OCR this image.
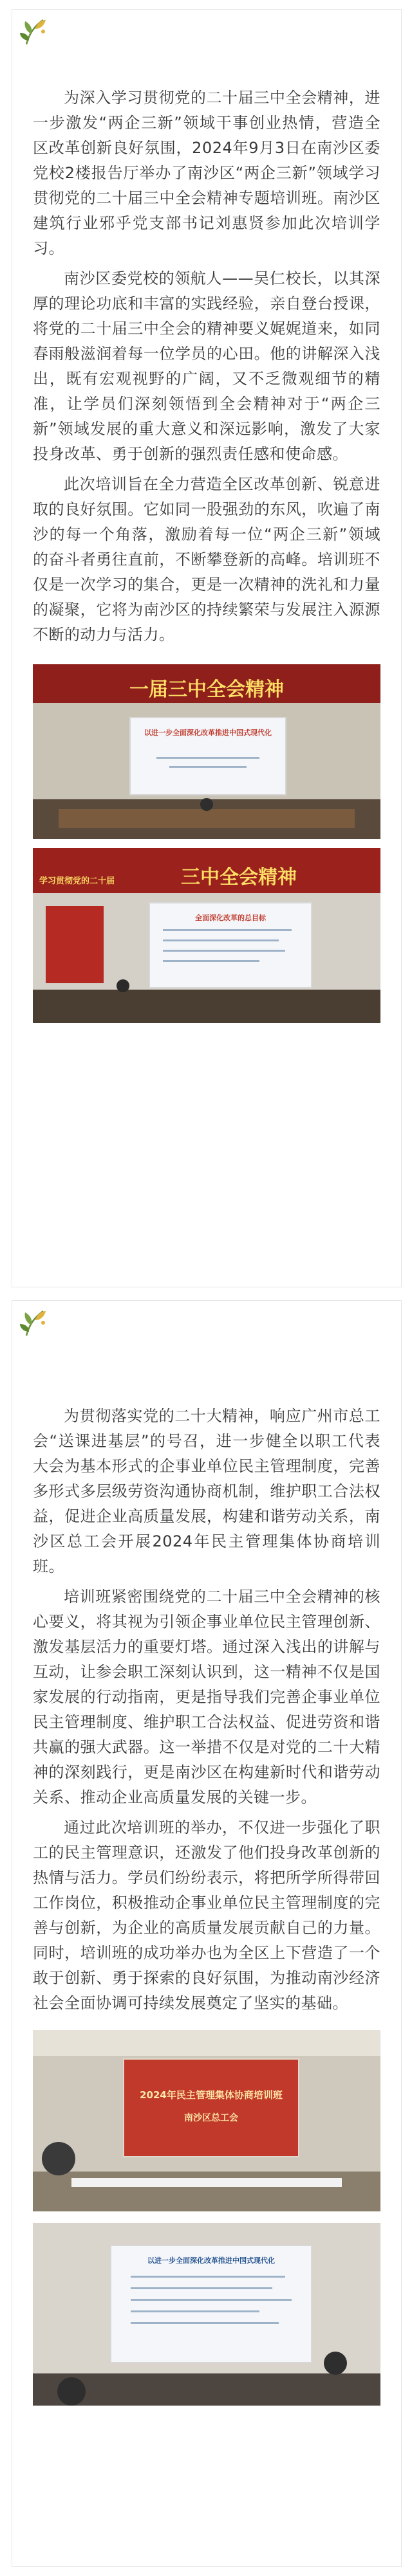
为深入学习贯彻党的二十届三中全会精神，进一步激发“两企三新”领域干事创业热情，营造全区改革创新良好氛围，2024年9月3日在南沙区委党校2楼报告厅举办了南沙区“两企三新”领域学习贯彻党的二十届三中全会精神专题培训班。南沙区建筑行业邪乎党支部书记刘惠贤参加此次培训学习。

南沙区委党校的领航人——吴仁校长，以其深厚的理论功底和丰富的实践经验，亲自登台授课，将党的二十届三中全会的精神要义娓娓道来，如同春雨般滋润着每一位学员的心田。他的讲解深入浅出，既有宏观视野的广阔，又不乏微观细节的精准，让学员们深刻领悟到全会精神对于“两企三新”领域发展的重大意义和深远影响，激发了大家投身改革、勇于创新的强烈责任感和使命感。

此次培训旨在全力营造全区改革创新、锐意进取的良好氛围。它如同一股强劲的东风，吹遍了南沙的每一个角落，激励着每一位“两企三新”领域的奋斗者勇往直前，不断攀登新的高峰。培训班不仅是一次学习的集合，更是一次精神的洗礼和力量的凝聚，它将为南沙区的持续繁荣与发展注入源源不断的动力与活力。

一届三中全会精神
以进一步全面深化改革推进中国式现代化
三中全会精神
学习贯彻党的二十届
全面深化改革的总目标

为贯彻落实党的二十大精神，响应广州市总工会“送课进基层”的号召，进一步健全以职工代表大会为基本形式的企事业单位民主管理制度，完善多形式多层级劳资沟通协商机制，维护职工合法权益，促进企业高质量发展，构建和谐劳动关系，南沙区总工会开展2024年民主管理集体协商培训班。

培训班紧密围绕党的二十届三中全会精神的核心要义，将其视为引领企事业单位民主管理创新、激发基层活力的重要灯塔。通过深入浅出的讲解与互动，让参会职工深刻认识到，这一精神不仅是国家发展的行动指南，更是指导我们完善企事业单位民主管理制度、维护职工合法权益、促进劳资和谐共赢的强大武器。这一举措不仅是对党的二十大精神的深刻践行，更是南沙区在构建新时代和谐劳动关系、推动企业高质量发展的关键一步。

通过此次培训班的举办，不仅进一步强化了职工的民主管理意识，还激发了他们投身改革创新的热情与活力。学员们纷纷表示，将把所学所得带回工作岗位，积极推动企事业单位民主管理制度的完善与创新，为企业的高质量发展贡献自己的力量。同时，培训班的成功举办也为全区上下营造了一个敢于创新、勇于探索的良好氛围，为推动南沙经济社会全面协调可持续发展奠定了坚实的基础。

2024年民主管理集体协商培训班
南沙区总工会
以进一步全面深化改革推进中国式现代化
